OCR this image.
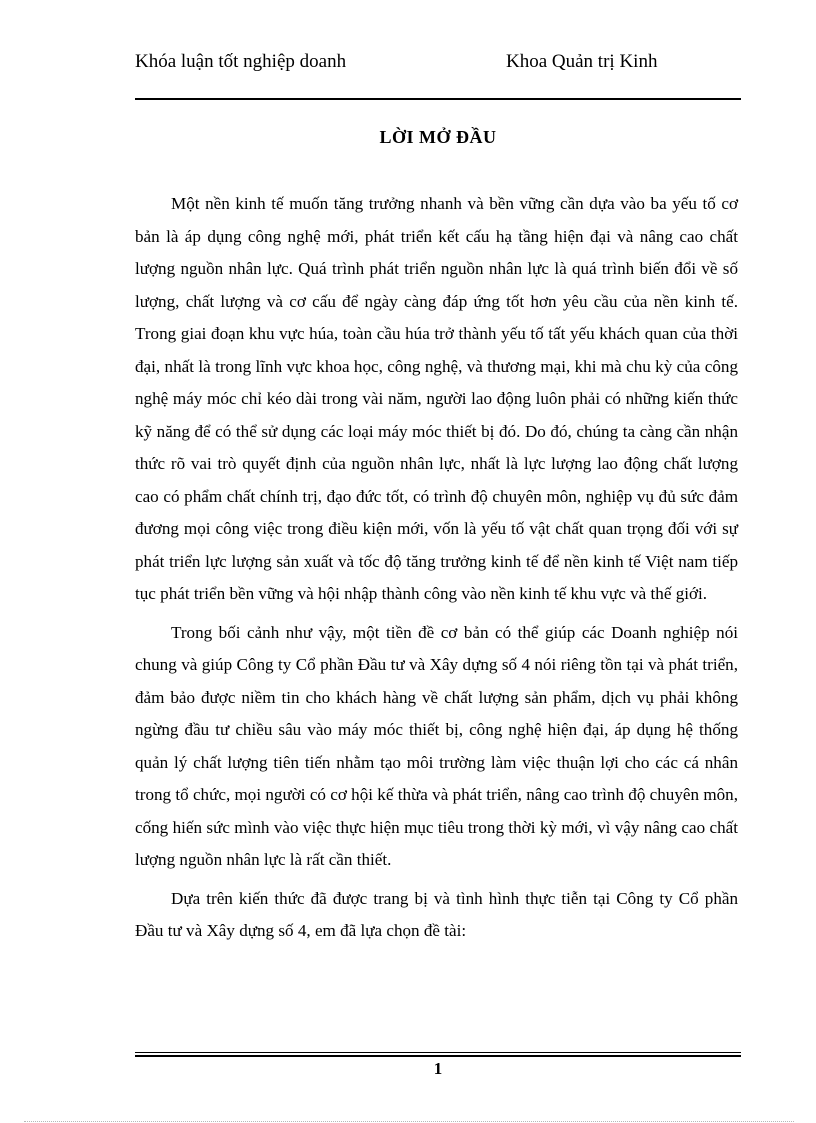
Khóa luận tốt nghiệp doanh	Khoa Quản trị Kinh
LỜI MỞ ĐẦU

Một nền kinh tế muốn tăng trưởng nhanh và bền vững cần dựa vào ba yếu tố cơ bản là áp dụng công nghệ mới, phát triển kết cấu hạ tầng hiện đại và nâng cao chất lượng nguồn nhân lực. Quá trình phát triển nguồn nhân lực là quá trình biến đổi về số lượng, chất lượng và cơ cấu để ngày càng đáp ứng tốt hơn yêu cầu của nền kinh tế. Trong giai đoạn khu vực húa, toàn cầu húa trở thành yếu tố tất yếu khách quan của thời đại, nhất là trong lĩnh vực khoa học, công nghệ, và thương mại, khi mà chu kỳ của công nghệ máy móc chỉ kéo dài trong vài năm, người lao động luôn phải có những kiến thức kỹ năng để có thể sử dụng các loại máy móc thiết bị đó. Do đó, chúng ta càng cần nhận thức rõ vai trò quyết định của nguồn nhân lực, nhất là lực lượng lao động chất lượng cao có phẩm chất chính trị, đạo đức tốt, có trình độ chuyên môn, nghiệp vụ đủ sức đảm đương mọi công việc trong điều kiện mới, vốn là yếu tố vật chất quan trọng đối với sự phát triển lực lượng sản xuất và tốc độ tăng trưởng kinh tế để nền kinh tế Việt nam tiếp tục phát triển bền vững và hội nhập thành công vào nền kinh tế khu vực và thế giới.

Trong bối cảnh như vậy, một tiền đề cơ bản có thể giúp các Doanh nghiệp nói chung và giúp Công ty Cổ phần Đầu tư và Xây dựng số 4 nói riêng tồn tại và phát triển, đảm bảo được niềm tin cho khách hàng về chất lượng sản phẩm, dịch vụ phải không ngừng đầu tư chiều sâu vào máy móc thiết bị, công nghệ hiện đại, áp dụng hệ thống quản lý chất lượng tiên tiến nhằm tạo môi trường làm việc thuận lợi cho các cá nhân trong tổ chức, mọi người có cơ hội kế thừa và phát triển, nâng cao trình độ chuyên môn, cống hiến sức mình vào việc thực hiện mục tiêu trong thời kỳ mới, vì vậy nâng cao chất lượng nguồn nhân lực là rất cần thiết.

Dựa trên kiến thức đã được trang bị và tình hình thực tiễn tại Công ty Cổ phần Đầu tư và Xây dựng số 4, em đã lựa chọn đề tài:

1
